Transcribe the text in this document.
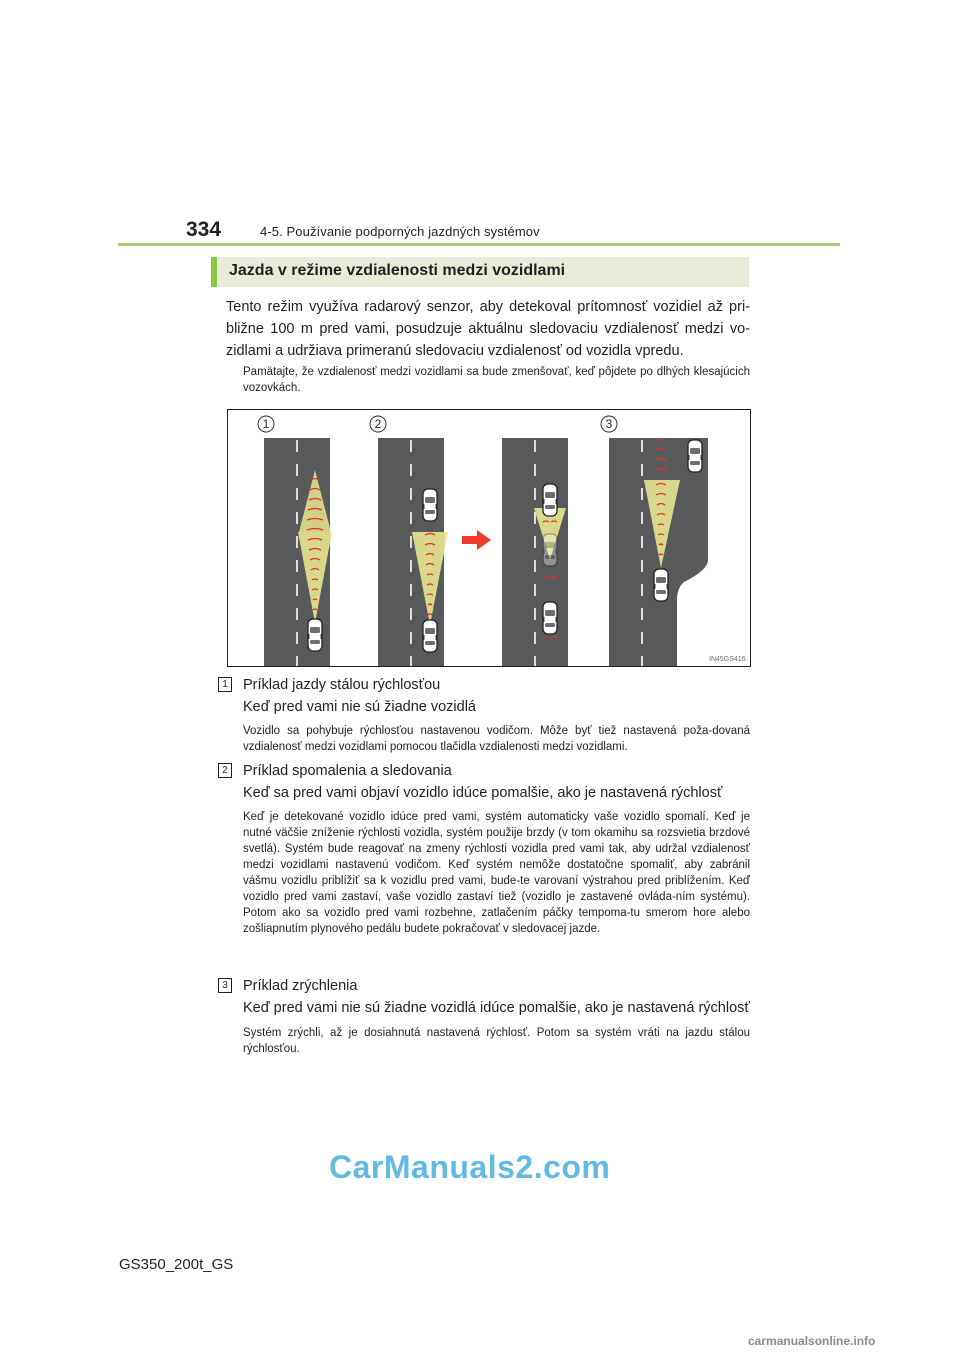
334	4-5. Používanie podporných jazdných systémov
Jazda v režime vzdialenosti medzi vozidlami
Tento režim využíva radarový senzor, aby detekoval prítomnosť vozidiel až pri-bližne 100 m pred vami, posudzuje aktuálnu sledovaciu vzdialenosť medzi vo-zidlami a udržiava primeranú sledovaciu vzdialenosť od vozidla vpredu.
Pamätajte, že vzdialenosť medzi vozidlami sa bude zmenšovať, keď pôjdete po dlhých klesajúcich vozovkách.
1	2	3
IN45GS416
1 Príklad jazdy stálou rýchlosťou
Keď pred vami nie sú žiadne vozidlá
Vozidlo sa pohybuje rýchlosťou nastavenou vodičom. Môže byť tiež nastavená poža-dovaná vzdialenosť medzi vozidlami pomocou tlačidla vzdialenosti medzi vozidlami.
2 Príklad spomalenia a sledovania
Keď sa pred vami objaví vozidlo idúce pomalšie, ako je nastavená rýchlosť
Keď je detekované vozidlo idúce pred vami, systém automaticky vaše vozidlo spomalí. Keď je nutné väčšie zníženie rýchlosti vozidla, systém použije brzdy (v tom okamihu sa rozsvietia brzdové svetlá). Systém bude reagovať na zmeny rýchlosti vozidla pred vami tak, aby udržal vzdialenosť medzi vozidlami nastavenú vodičom. Keď systém nemôže dostatočne spomaliť, aby zabránil vášmu vozidlu priblížiť sa k vozidlu pred vami, bude-te varovaní výstrahou pred priblížením. Keď vozidlo pred vami zastaví, vaše vozidlo zastaví tiež (vozidlo je zastavené ovláda-ním systému). Potom ako sa vozidlo pred vami rozbehne, zatlačením páčky tempoma-tu smerom hore alebo zošliapnutím plynového pedálu budete pokračovať v sledovacej jazde.
3 Príklad zrýchlenia
Keď pred vami nie sú žiadne vozidlá idúce pomalšie, ako je nastavená rýchlosť
Systém zrýchli, až je dosiahnutá nastavená rýchlosť. Potom sa systém vráti na jazdu stálou rýchlosťou.
CarManuals2.com
GS350_200t_GS
carmanualsonline.info
